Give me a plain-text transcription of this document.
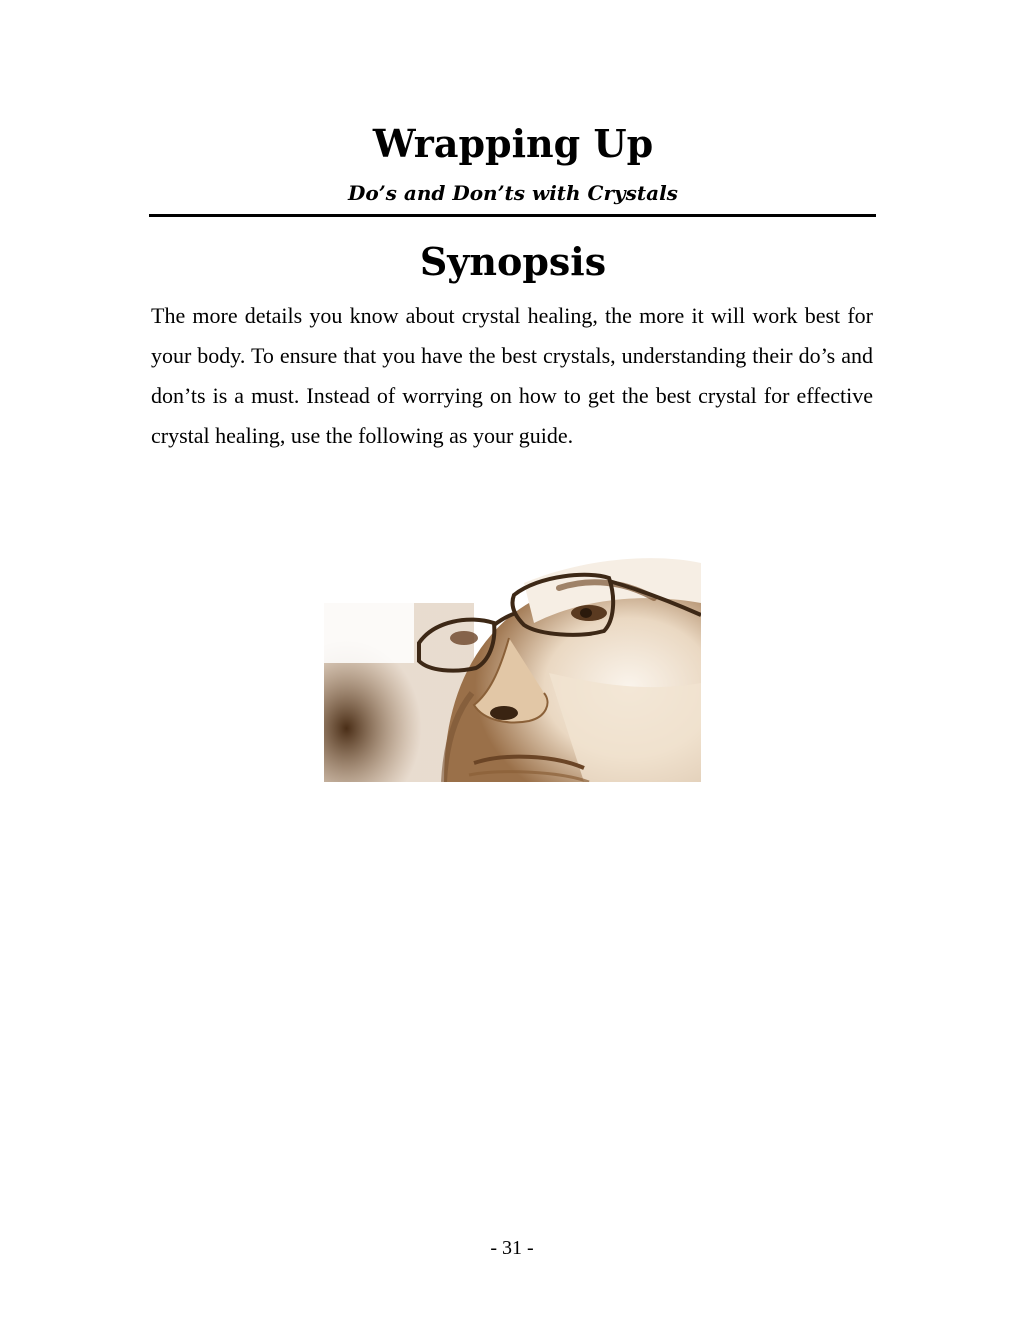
Wrapping Up
Do’s and Don’ts with Crystals
Synopsis

The more details you know about crystal healing, the more it will work best for your body. To ensure that you have the best crystals, understanding their do’s and don’ts is a must. Instead of worrying on how to get the best crystal for effective crystal healing, use the following as your guide.

- 31 -
